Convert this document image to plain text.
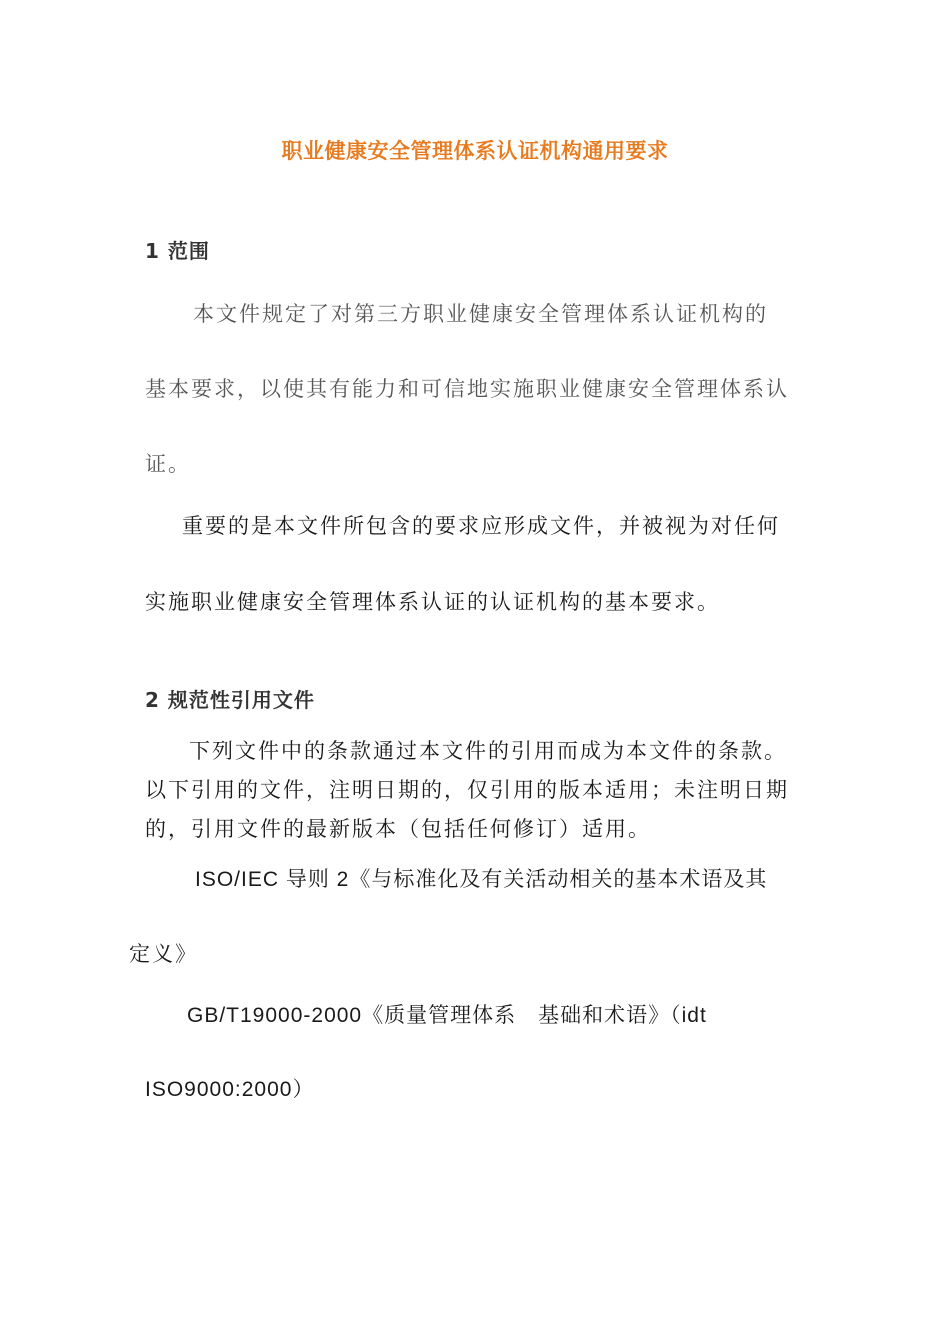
职业健康安全管理体系认证机构通用要求
1 范围
本文件规定了对第三方职业健康安全管理体系认证机构的
基本要求，以使其有能力和可信地实施职业健康安全管理体系认
证。
重要的是本文件所包含的要求应形成文件，并被视为对任何
实施职业健康安全管理体系认证的认证机构的基本要求。
2 规范性引用文件
下列文件中的条款通过本文件的引用而成为本文件的条款。
以下引用的文件，注明日期的，仅引用的版本适用；未注明日期
的，引用文件的最新版本（包括任何修订）适用。
ISO/IEC 导则 2《与标准化及有关活动相关的基本术语及其
定义》
GB/T19000-2000《质量管理体系　基础和术语》（idt
ISO9000:2000）
